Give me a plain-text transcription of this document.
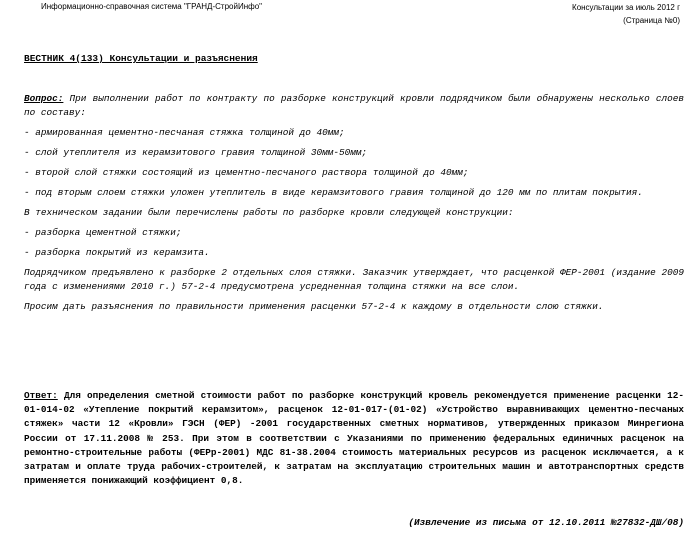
Информационно-справочная система "ГРАНД-СтройИнфо"	Консультации за июль 2012 г
(Страница №0)
ВЕСТНИК 4(133) Консультации и разъяснения

Вопрос: При выполнении работ по контракту по разборке конструкций кровли подрядчиком были обнаружены несколько слоев по составу:

- армированная цементно-песчаная стяжка толщиной до 40мм;

- слой утеплителя из керамзитового гравия толщиной 30мм-50мм;

- второй слой стяжки состоящий из цементно-песчаного раствора толщиной до 40мм;

- под вторым слоем стяжки уложен утеплитель в виде керамзитового гравия толщиной до 120 мм по плитам покрытия.

В техническом задании были перечислены работы по разборке кровли следующей конструкции:

- разборка цементной стяжки;

- разборка покрытий из керамзита.

Подрядчиком предъявлено к разборке 2 отдельных слоя стяжки. Заказчик утверждает, что расценкой ФЕР-2001 (издание 2009 года с изменениями 2010 г.) 57-2-4 предусмотрена усредненная толщина стяжки на все слои.

Просим дать разъяснения по правильности применения расценки 57-2-4 к каждому в отдельности слою стяжки.

Ответ: Для определения сметной стоимости работ по разборке конструкций кровель рекомендуется применение расценки 12-01-014-02 «Утепление покрытий керамзитом», расценок 12-01-017-(01-02) «Устройство выравнивающих цементно-песчаных стяжек» части 12 «Кровли» ГЭСН (ФЕР) -2001 государственных сметных нормативов, утвержденных приказом Минрегиона России от 17.11.2008 № 253. При этом в соответствии с Указаниями по применению федеральных единичных расценок на ремонтно-строительные работы (ФЕРр-2001) МДС 81-38.2004 стоимость материальных ресурсов из расценок исключается, а к затратам и оплате труда рабочих-строителей, к затратам на эксплуатацию строительных машин и автотранспортных средств применяется понижающий коэффициент 0,8.

(Извлечение из письма от 12.10.2011 №27832-ДШ/08)
